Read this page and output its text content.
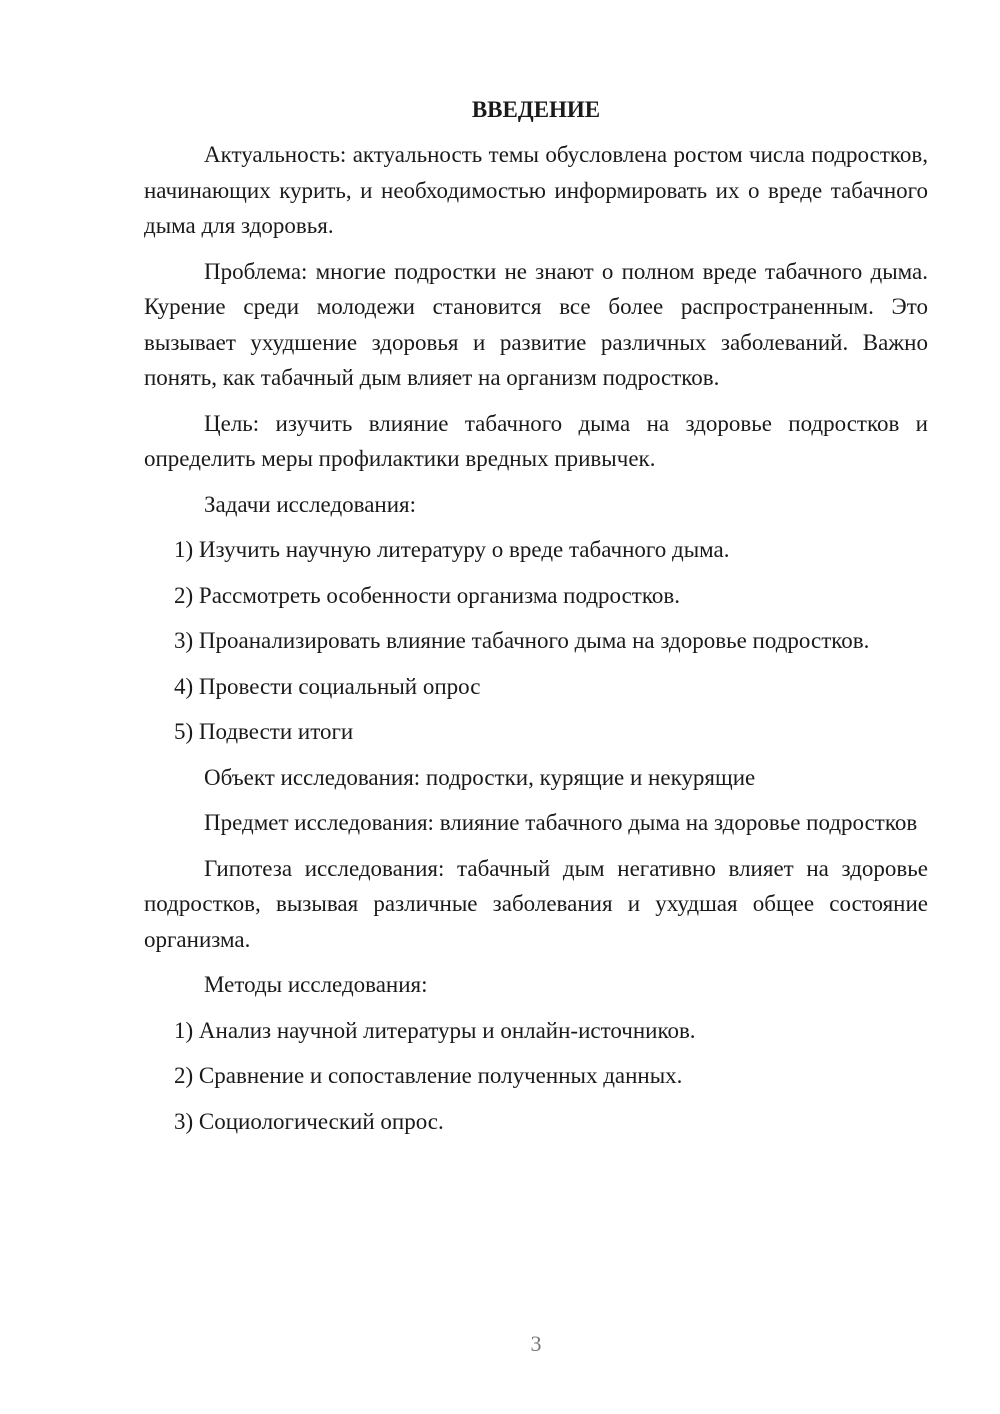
ВВЕДЕНИЕ

Актуальность: актуальность темы обусловлена ростом числа подростков, начинающих курить, и необходимостью информировать их о вреде табачного дыма для здоровья.

Проблема: многие подростки не знают о полном вреде табачного дыма. Курение среди молодежи становится все более распространенным. Это вызывает ухудшение здоровья и развитие различных заболеваний. Важно понять, как табачный дым влияет на организм подростков.

Цель: изучить влияние табачного дыма на здоровье подростков и определить меры профилактики вредных привычек.

Задачи исследования:

1) Изучить научную литературу о вреде табачного дыма.

2) Рассмотреть особенности организма подростков.

3) Проанализировать влияние табачного дыма на здоровье подростков.

4) Провести социальный опрос

5) Подвести итоги

Объект исследования: подростки, курящие и некурящие

Предмет исследования: влияние табачного дыма на здоровье подростков

Гипотеза исследования: табачный дым негативно влияет на здоровье подростков, вызывая различные заболевания и ухудшая общее состояние организма.

Методы исследования:

1) Анализ научной литературы и онлайн-источников.

2) Сравнение и сопоставление полученных данных.

3) Социологический опрос.

3
